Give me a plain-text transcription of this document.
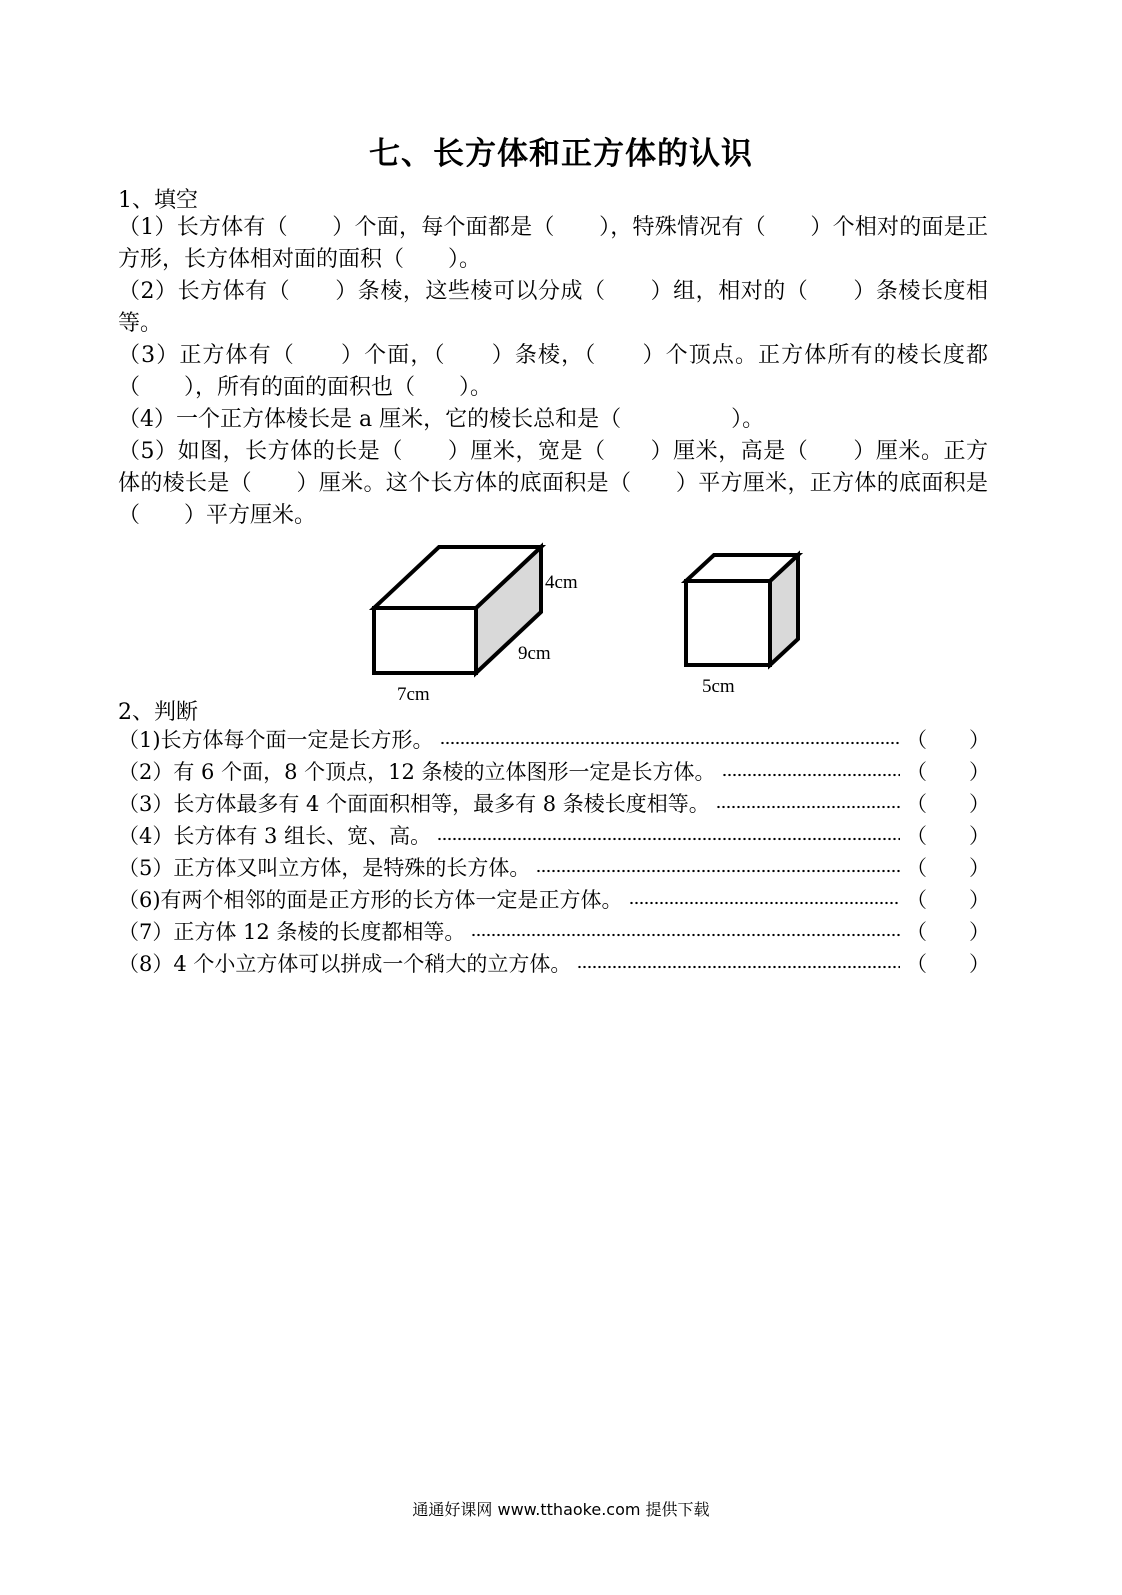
七、长方体和正方体的认识
1、填空
（1）长方体有（　　）个面，每个面都是（　　），特殊情况有（　　）个相对的面是正方形，长方体相对面的面积（　　）。
（2）长方体有（　　）条棱，这些棱可以分成（　　）组，相对的（　　）条棱长度相等。
（3）正方体有（　　）个面，（　　）条棱，（　　）个顶点。正方体所有的棱长度都（　　），所有的面的面积也（　　）。
（4）一个正方体棱长是 a 厘米，它的棱长总和是（　　　　　）。
（5）如图，长方体的长是（　　）厘米，宽是（　　）厘米，高是（　　）厘米。正方体的棱长是（　　）厘米。这个长方体的底面积是（　　）平方厘米，正方体的底面积是（　　）平方厘米。
4cm
9cm
7cm	5cm
2、判断
（1)长方体每个面一定是长方形。	（　　）
（2）有 6 个面，8 个顶点，12 条棱的立体图形一定是长方体。	（　　）
（3）长方体最多有 4 个面面积相等，最多有 8 条棱长度相等。	（　　）
（4）长方体有 3 组长、宽、高。	（　　）
（5）正方体又叫立方体，是特殊的长方体。	（　　）
（6)有两个相邻的面是正方形的长方体一定是正方体。	（　　）
（7）正方体 12 条棱的长度都相等。	（　　）
（8）4 个小立方体可以拼成一个稍大的立方体。	（　　）
通通好课网 www.tthaoke.com 提供下载
